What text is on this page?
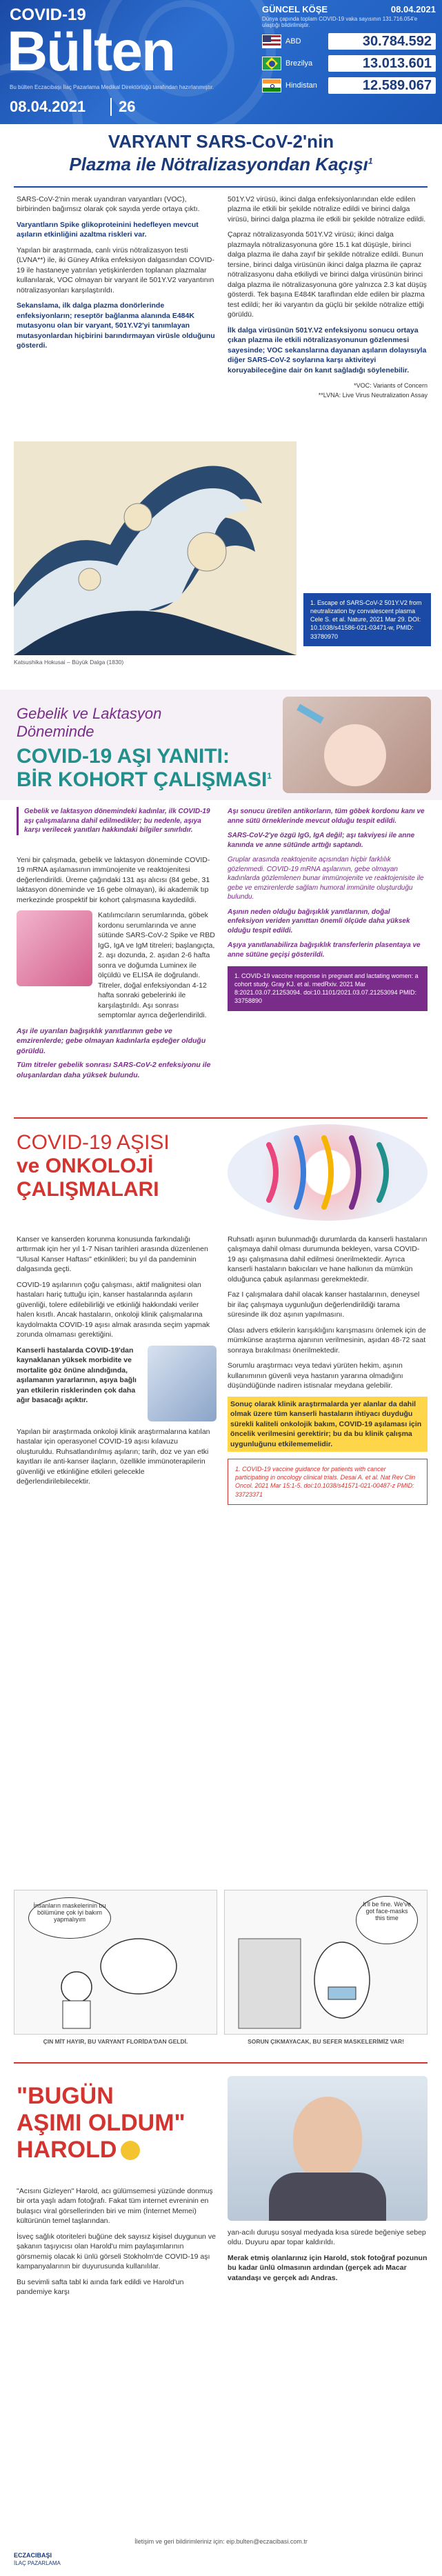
COVID-19
Bülten
Bu bülten Eczacıbaşı İlaç Pazarlama Medikal Direktörlüğü tarafından hazırlanmıştır.
08.04.2021	26
GÜNCEL KÖŞE	08.04.2021
Dünya çapında toplam COVID-19 vaka sayısının 131.716.054'e ulaştığı bildirilmiştir.
ABD	30.784.592
Brezilya	13.013.601
Hindistan	12.589.067
VARYANT SARS-CoV-2'nin
Plazma ile Nötralizasyondan Kaçışı$^1$

SARS-CoV-2'nin merak uyandıran varyantları (VOC), birbirinden bağımsız olarak çok sayıda yerde ortaya çıktı.

Varyantların Spike glikoproteinini hedefleyen mevcut aşıların etkinliğini azaltma riskleri var.

Yapılan bir araştırmada, canlı virüs nötralizasyon testi (LVNA**) ile, iki Güney Afrika enfeksiyon dalgasından COVID-19 ile hastaneye yatırılan yetişkinlerden toplanan plazmalar kullanılarak, VOC olmayan bir varyant ile 501Y.V2 varyantının nötralizasyonları karşılaştırıldı.

Sekanslama, ilk dalga plazma donörlerinde enfeksiyonların; reseptör bağlanma alanında E484K mutasyonu olan bir varyant, 501Y.V2'yi tanımlayan mutasyonlardan hiçbirini barındırmayan virüsle olduğunu gösterdi.

501Y.V2 virüsü, ikinci dalga enfeksiyonlarından elde edilen plazma ile etkili bir şekilde nötralize edildi ve birinci dalga virüsü, birinci dalga plazma ile etkili bir şekilde nötralize edildi.

Çapraz nötralizasyonda 501Y.V2 virüsü; ikinci dalga plazmayla nötralizasyonuna göre 15.1 kat düşüşle, birinci dalga plazma ile daha zayıf bir şekilde nötralize edildi. Bunun tersine, birinci dalga virüsünün ikinci dalga plazma ile çapraz nötralizasyonu daha etkiliydi ve birinci dalga virüsünün birinci dalga plazma ile nötralizasyonuna göre yalnızca 2.3 kat düşüş gösterdi. Tek başına E484K taraflından elde edilen bir plazma test edildi; her iki varyantın da güçlü bir şekilde nötralize ettiği görüldü.

İlk dalga virüsünün 501Y.V2 enfeksiyonu sonucu ortaya çıkan plazma ile etkili nötralizasyonunun gözlenmesi sayesinde; VOC sekanslarına dayanan aşıların dolayısıyla diğer SARS-CoV-2 soylarına karşı aktiviteyi koruyabileceğine dair ön kanıt sağladığı söylenebilir.

*VOC: Variants of Concern

**LVNA: Live Virus Neutralization Assay

1. Escape of SARS-CoV-2 501Y.V2 from neutralization by convalescent plasma Cele S. et al. Nature, 2021 Mar 29. DOI: 10.1038/s41586-021-03471-w, PMID: 33780970
Katsushika Hokusai – Büyük Dalga (1830)
Gebelik ve Laktasyon
Döneminde
COVID-19 AŞI YANITI:
BİR KOHORT ÇALIŞMASI$^1$

Gebelik ve laktasyon dönemindeki kadınlar, ilk COVID-19 aşı çalışmalarına dahil edilmedikler; bu nedenle, aşıya karşı verilecek yanıtları hakkındaki bilgiler sınırlıdır.

Yeni bir çalışmada, gebelik ve laktasyon döneminde COVID-19 mRNA aşılamasının immünojenite ve reaktojenitesi değerlendirildi. Üreme çağındaki 131 aşı alıcısı (84 gebe, 31 laktasyon döneminde ve 16 gebe olmayan), iki akademik tıp merkezinde prospektif bir kohort çalışmasına kaydedildi.

Katılımcıların serumlarında, göbek kordonu serumlarında ve anne sütünde SARS-CoV-2 Spike ve RBD IgG, IgA ve IgM titreleri; başlangıçta, 2. aşı dozunda, 2. aşıdan 2-6 hafta sonra ve doğumda Luminex ile ölçüldü ve ELISA ile doğrulandı. Titreler, doğal enfeksiyondan 4-12 hafta sonraki gebelerinki ile karşılaştırıldı. Aşı sonrası semptomlar ayrıca değerlendirildi.

Aşı ile uyarılan bağışıklık yanıtlarının gebe ve emzirenlerde; gebe olmayan kadınlarla eşdeğer olduğu görüldü.

Tüm titreler gebelik sonrası SARS-CoV-2 enfeksiyonu ile oluşanlardan daha yüksek bulundu.

Aşı sonucu üretilen antikorların, tüm göbek kordonu kanı ve anne sütü örneklerinde mevcut olduğu tespit edildi.

SARS-CoV-2'ye özgü IgG, IgA değil; aşı takviyesi ile anne kanında ve anne sütünde arttığı saptandı.

Gruplar arasında reaktojenite açısından hiçbir farklılık gözlenmedi. COVID-19 mRNA aşılarının, gebe olmayan kadınlarda gözlemlenen bunar immünojenite ve reaktojenisite ile gebe ve emzirenlerde sağlam humoral immünite oluşturduğu bulundu.

Aşının neden olduğu bağışıklık yanıtlarının, doğal enfeksiyon veriden yanıttan önemli ölçüde daha yüksek olduğu tespit edildi.

Aşıya yanıtlanabilirza bağışıklık transferlerin plasentaya ve anne sütüne geçişi gösterildi.

1. COVID-19 vaccine response in pregnant and lactating women: a cohort study. Gray KJ. et al. medRxiv. 2021 Mar 8:2021.03.07.21253094. doi:10.1101/2021.03.07.21253094 PMID: 33758890
COVID-19 AŞISI
ve ONKOLOJİ
ÇALIŞMALARI

Kanser ve kanserden korunma konusunda farkındalığı arttırmak için her yıl 1-7 Nisan tarihleri arasında düzenlenen "Ulusal Kanser Haftası" etkinlikleri; bu yıl da pandeminin dalgasında geçti.

COVID-19 aşılarının çoğu çalışması, aktif malignitesi olan hastaları hariç tuttuğu için, kanser hastalarında aşıların güvenliği, tolere edilebilirliği ve etkinliği hakkındaki veriler halen kısıtlı. Ancak hastaların, onkoloji klinik çalışmalarına kaydolmakta COVID-19 aşısı almak arasında seçim yapmak zorunda olmaması gerektiğini.

Kanserli hastalarda COVID-19'dan kaynaklanan yüksek morbidite ve mortalite göz önüne alındığında, aşılamanın yararlarının, aşıya bağlı yan etkilerin risklerinden çok daha ağır basacağı açıktır.

Yapılan bir araştırmada onkoloji klinik araştırmalarına katılan hastalar için operasyonel COVID-19 aşısı kılavuzu oluşturuldu. Ruhsatlandırılmış aşıların; tarih, doz ve yan etki kayıtları ile anti-kanser ilaçların, özellikle immünoterapilerin güvenliği ve etkinliğine etkileri gelecekle değerlendirilebilecektir.

Ruhsatlı aşının bulunmadığı durumlarda da kanserli hastaların çalışmaya dahil olması durumunda bekleyen, varsa COVID-19 aşı çalışmasına dahil edilmesi önerilmektedir. Ayrıca kanserli hastaların bakıcıları ve hane halkının da mümkün olduğunca çabuk aşılanması gerekmektedir.

Faz I çalışmalara dahil olacak kanser hastalarının, deneysel bir ilaç çalışmaya uygunluğun değerlendirildiği tarama süresinde ilk doz aşının yapılmasını.

Olası advers etkilerin karışıklığını karışmasını önlemek için de mümkünse araştırma ajanının verilmesinin, aşıdan 48-72 saat sonraya bırakılması önerilmektedir.

Sorumlu araştırmacı veya tedavi yürüten hekim, aşının kullanımının güvenli veya hastanın yararına olmadığını düşündüğünde nadiren istisnalar meydana gelebilir.

Sonuç olarak klinik araştırmalarda yer alanlar da dahil olmak üzere tüm kanserli hastaların ihtiyacı duyduğu sürekli kaliteli onkolojik bakım, COVID-19 aşılaması için öncelik verilmesini gerektirir; bu da bu klinik çalışma uygunluğunu etkilememelidir.

1. COVID-19 vaccine guidance for patients with cancer participating in oncology clinical trials. Desai A. et al. Nat Rev Clin Oncol. 2021 Mar 15:1-5. doi:10.1038/s41571-021-00487-z PMID: 33723371
İnsanların maskelerinin bu bölümüne çok iyi bakım yapmalıyım
ÇIN MİT HAYIR, BU VARYANT FLORİDA'DAN GELDİ.
It'll be fine. We've got face-masks this time
SORUN ÇIKMAYACAK, BU SEFER MASKELERİMİZ VAR!
"BUGÜN
AŞIMI OLDUM"
HAROLD

"Acısını Gizleyen" Harold, acı gülümsemesi yüzünde donmuş bir orta yaşlı adam fotoğrafı. Fakat tüm internet evreninin en bulaşıcı viral görsellerinden biri ve mim (İnternet Memei) kültürünün temel taşlarından.

İsveç sağlık otoriteleri buğüne dek sayısız kişisel duygunun ve şakanın taşıyıcısı olan Harold'u mim paylaşımlarının görsmemiş olacak ki ünlü görseli Stokholm'de COVID-19 aşı kampanyalarının bir duyurusunda kullanılılar.

Bu sevimli safta tabl ki aında fark edildi ve Harold'un pandemiye karşı

yan-acılı duruşu sosyal medyada kısa sürede beğeniye sebep oldu. Duyuru apar topar kaldırıldı.

Merak etmiş olanlarınız için Harold, stok fotoğraf pozunun bu kadar ünlü olmasının ardından (gerçek adı Macar vatandaşı ve gerçek adı Andras.

İletişim ve geri bildirimleriniz için: eip.bulten@eczacibasi.com.tr
ECZACIBAŞI
İLAÇ PAZARLAMA
